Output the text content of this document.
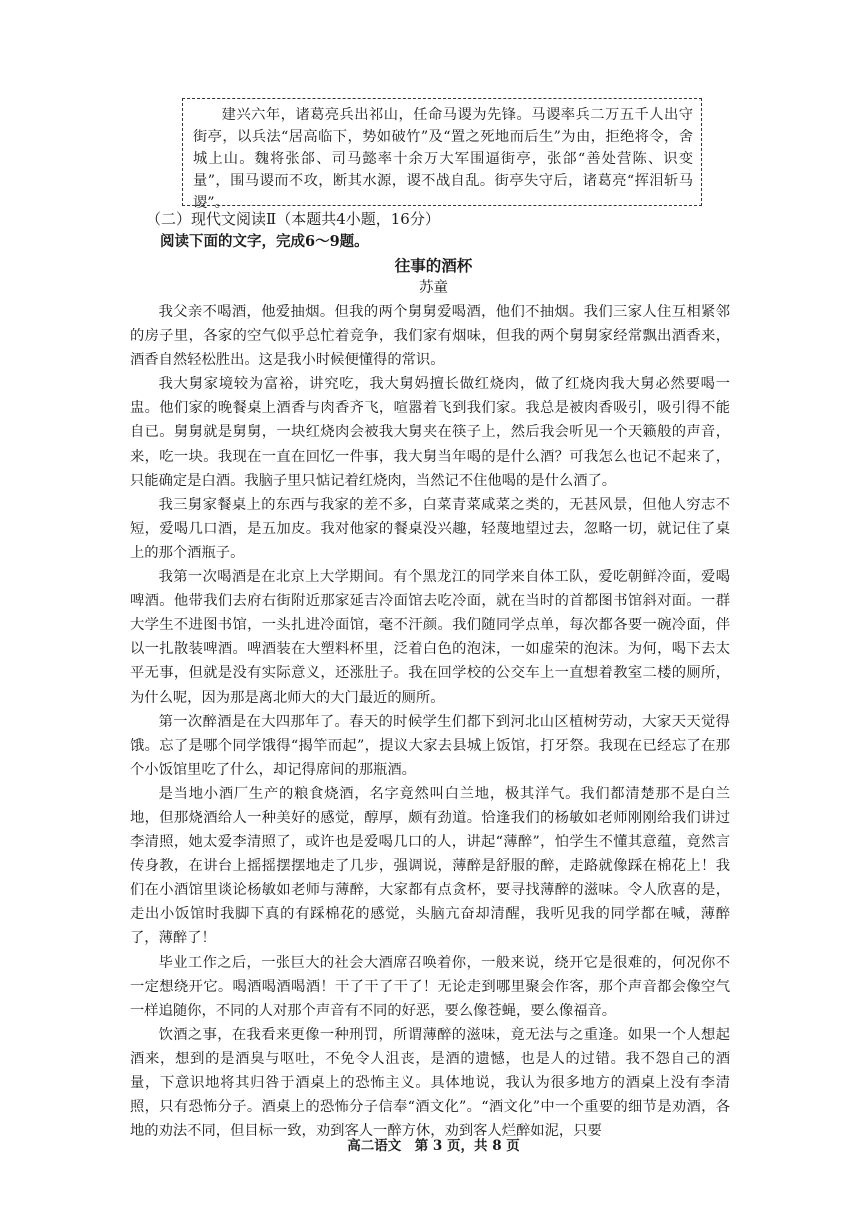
建兴六年，诸葛亮兵出祁山，任命马谡为先锋。马谡率兵二万五千人出守街亭，以兵法“居高临下，势如破竹”及“置之死地而后生”为由，拒绝将令，舍城上山。魏将张郃、司马懿率十余万大军围逼街亭，张郃“善处营陈、识变量”，围马谡而不攻，断其水源，谡不战自乱。街亭失守后，诸葛亮“挥泪斩马谡”。

（二）现代文阅读Ⅱ（本题共4小题，16分）
阅读下面的文字，完成6～9题。
往事的酒杯
苏童

我父亲不喝酒，他爱抽烟。但我的两个舅舅爱喝酒，他们不抽烟。我们三家人住互相紧邻的房子里，各家的空气似乎总忙着竞争，我们家有烟味，但我的两个舅舅家经常飘出酒香来，酒香自然轻松胜出。这是我小时候便懂得的常识。

我大舅家境较为富裕，讲究吃，我大舅妈擅长做红烧肉，做了红烧肉我大舅必然要喝一盅。他们家的晚餐桌上酒香与肉香齐飞，喧嚣着飞到我们家。我总是被肉香吸引，吸引得不能自已。舅舅就是舅舅，一块红烧肉会被我大舅夹在筷子上，然后我会听见一个天籁般的声音，来，吃一块。我现在一直在回忆一件事，我大舅当年喝的是什么酒？可我怎么也记不起来了，只能确定是白酒。我脑子里只惦记着红烧肉，当然记不住他喝的是什么酒了。

我三舅家餐桌上的东西与我家的差不多，白菜青菜咸菜之类的，无甚风景，但他人穷志不短，爱喝几口酒，是五加皮。我对他家的餐桌没兴趣，轻蔑地望过去，忽略一切，就记住了桌上的那个酒瓶子。

我第一次喝酒是在北京上大学期间。有个黑龙江的同学来自体工队，爱吃朝鲜冷面，爱喝啤酒。他带我们去府右街附近那家延吉冷面馆去吃冷面，就在当时的首都图书馆斜对面。一群大学生不进图书馆，一头扎进冷面馆，毫不汗颜。我们随同学点单，每次都各要一碗冷面，伴以一扎散装啤酒。啤酒装在大塑料杯里，泛着白色的泡沫，一如虚荣的泡沫。为何，喝下去太平无事，但就是没有实际意义，还涨肚子。我在回学校的公交车上一直想着教室二楼的厕所，为什么呢，因为那是离北师大的大门最近的厕所。

第一次醉酒是在大四那年了。春天的时候学生们都下到河北山区植树劳动，大家天天觉得饿。忘了是哪个同学饿得“揭竿而起”，提议大家去县城上饭馆，打牙祭。我现在已经忘了在那个小饭馆里吃了什么，却记得席间的那瓶酒。

是当地小酒厂生产的粮食烧酒，名字竟然叫白兰地，极其洋气。我们都清楚那不是白兰地，但那烧酒给人一种美好的感觉，醇厚，颇有劲道。恰逢我们的杨敏如老师刚刚给我们讲过李清照，她太爱李清照了，或许也是爱喝几口的人，讲起“薄醉”，怕学生不懂其意蕴，竟然言传身教，在讲台上摇摇摆摆地走了几步，强调说，薄醉是舒服的醉，走路就像踩在棉花上！我们在小酒馆里谈论杨敏如老师与薄醉，大家都有点贪杯，要寻找薄醉的滋味。令人欣喜的是，走出小饭馆时我脚下真的有踩棉花的感觉，头脑亢奋却清醒，我听见我的同学都在喊，薄醉了，薄醉了！

毕业工作之后，一张巨大的社会大酒席召唤着你，一般来说，绕开它是很难的，何况你不一定想绕开它。喝酒喝酒喝酒！干了干了干了！无论走到哪里聚会作客，那个声音都会像空气一样追随你，不同的人对那个声音有不同的好恶，要么像苍蝇，要么像福音。

饮酒之事，在我看来更像一种刑罚，所谓薄醉的滋味，竟无法与之重逢。如果一个人想起酒来，想到的是酒臭与呕吐，不免令人沮丧，是酒的遗憾，也是人的过错。我不怨自己的酒量，下意识地将其归咎于酒桌上的恐怖主义。具体地说，我认为很多地方的酒桌上没有李清照，只有恐怖分子。酒桌上的恐怖分子信奉“酒文化”。“酒文化”中一个重要的细节是劝酒，各地的劝法不同，但目标一致，劝到客人一醉方休，劝到客人烂醉如泥，只要

高二语文　第 3 页，共 8 页
